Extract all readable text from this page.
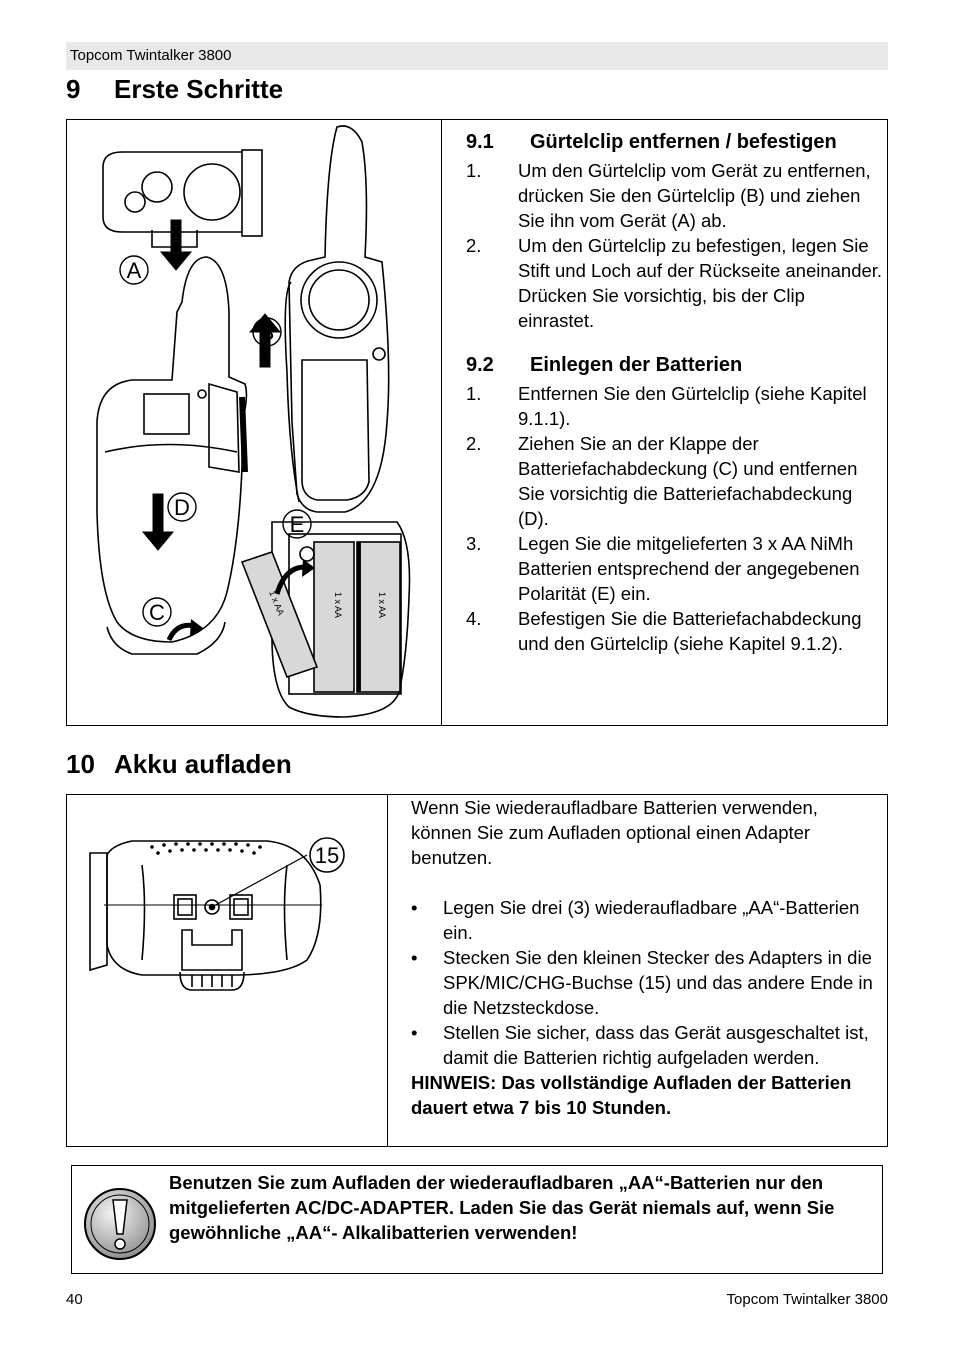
Topcom Twintalker 3800
9 Erste Schritte
A
B
D
C
E
1 x AA	1 x AA
1 x AA
9.1 Gürtelclip entfernen / befestigen
1. Um den Gürtelclip vom Gerät zu entfernen, drücken Sie den Gürtelclip (B) und ziehen Sie ihn vom Gerät (A) ab.
2. Um den Gürtelclip zu befestigen, legen Sie Stift und Loch auf der Rückseite aneinander. Drücken Sie vorsichtig, bis der Clip einrastet.
9.2 Einlegen der Batterien
1. Entfernen Sie den Gürtelclip (siehe Kapitel 9.1.1).
2. Ziehen Sie an der Klappe der Batteriefachabdeckung (C) und entfernen Sie vorsichtig die Batteriefachabdeckung (D).
3. Legen Sie die mitgelieferten 3 x AA NiMh Batterien entsprechend der angegebenen Polarität (E) ein.
4. Befestigen Sie die Batteriefachabdeckung und den Gürtelclip (siehe Kapitel 9.1.2).
10 Akku aufladen
15
Wenn Sie wiederaufladbare Batterien verwenden, können Sie zum Aufladen optional einen Adapter benutzen.
• Legen Sie drei (3) wiederaufladbare „AA“-Batterien ein.
• Stecken Sie den kleinen Stecker des Adapters in die SPK/MIC/CHG-Buchse (15) und das andere Ende in die Netzsteckdose.
• Stellen Sie sicher, dass das Gerät ausgeschaltet ist, damit die Batterien richtig aufgeladen werden.
HINWEIS: Das vollständige Aufladen der Batterien dauert etwa 7 bis 10 Stunden.
Benutzen Sie zum Aufladen der wiederaufladbaren „AA“-Batterien nur den mitgelieferten AC/DC-ADAPTER. Laden Sie das Gerät niemals auf, wenn Sie gewöhnliche „AA“- Alkalibatterien verwenden!
40	Topcom Twintalker 3800
